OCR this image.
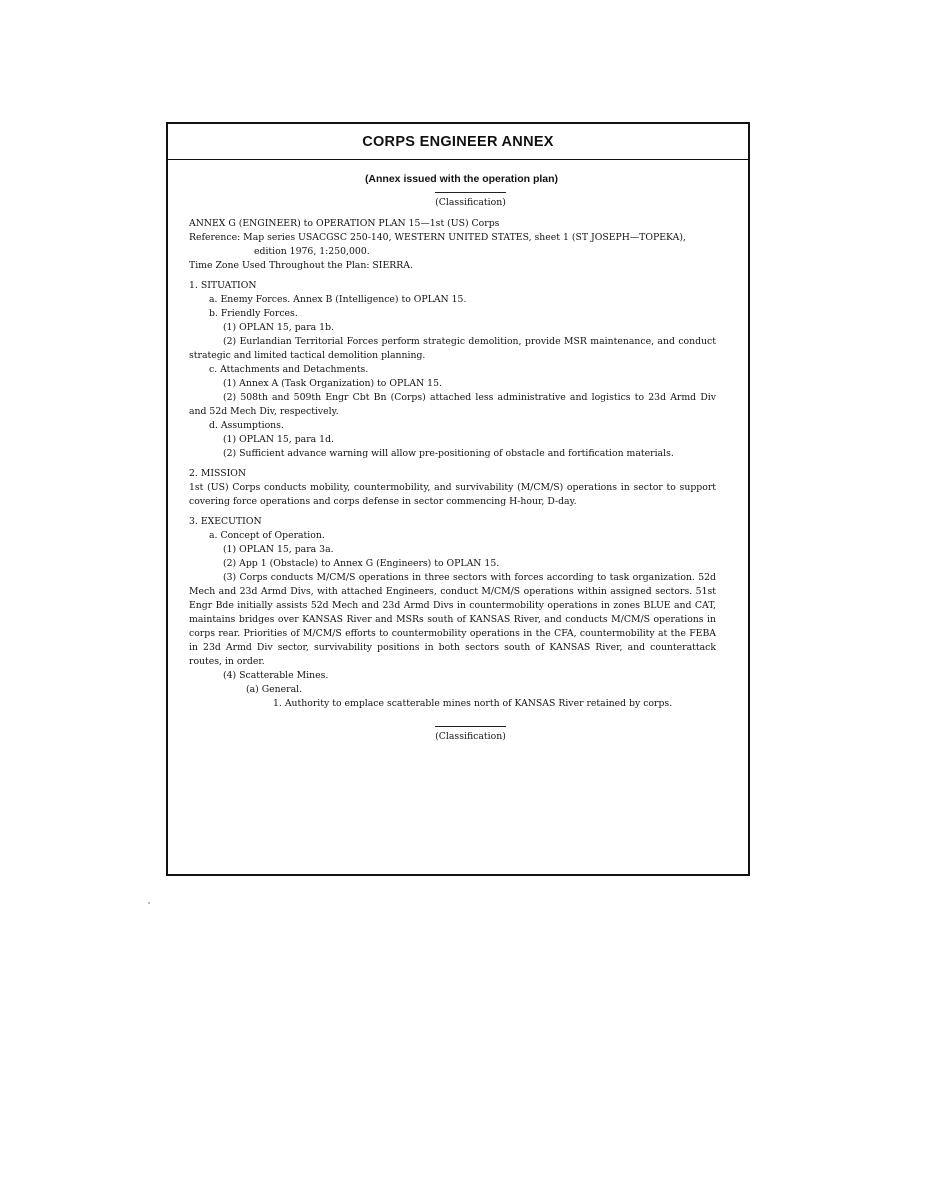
CORPS ENGINEER ANNEX
(Annex issued with the operation plan)
(Classification)

ANNEX G (ENGINEER) to OPERATION PLAN 15—1st (US) Corps

Reference: Map series USACGSC 250-140, WESTERN UNITED STATES, sheet 1 (ST JOSEPH—TOPEKA), edition 1976, 1:250,000.

Time Zone Used Throughout the Plan: SIERRA.

1. SITUATION

a. Enemy Forces. Annex B (Intelligence) to OPLAN 15.

b. Friendly Forces.

(1) OPLAN 15, para 1b.

(2) Eurlandian Territorial Forces perform strategic demolition, provide MSR maintenance, and conduct strategic and limited tactical demolition planning.

c. Attachments and Detachments.

(1) Annex A (Task Organization) to OPLAN 15.

(2) 508th and 509th Engr Cbt Bn (Corps) attached less administrative and logistics to 23d Armd Div and 52d Mech Div, respectively.

d. Assumptions.

(1) OPLAN 15, para 1d.

(2) Sufficient advance warning will allow pre-positioning of obstacle and fortification materials.

2. MISSION

1st (US) Corps conducts mobility, countermobility, and survivability (M/CM/S) operations in sector to support covering force operations and corps defense in sector commencing H-hour, D-day.

3. EXECUTION

a. Concept of Operation.

(1) OPLAN 15, para 3a.

(2) App 1 (Obstacle) to Annex G (Engineers) to OPLAN 15.

(3) Corps conducts M/CM/S operations in three sectors with forces according to task organization. 52d Mech and 23d Armd Divs, with attached Engineers, conduct M/CM/S operations within assigned sectors. 51st Engr Bde initially assists 52d Mech and 23d Armd Divs in countermobility operations in zones BLUE and CAT, maintains bridges over KANSAS River and MSRs south of KANSAS River, and conducts M/CM/S operations in corps rear. Priorities of M/CM/S efforts to countermobility operations in the CFA, countermobility at the FEBA in 23d Armd Div sector, survivability positions in both sectors south of KANSAS River, and counterattack routes, in order.

(4) Scatterable Mines.

(a) General.

1. Authority to emplace scatterable mines north of KANSAS River retained by corps.

(Classification)
